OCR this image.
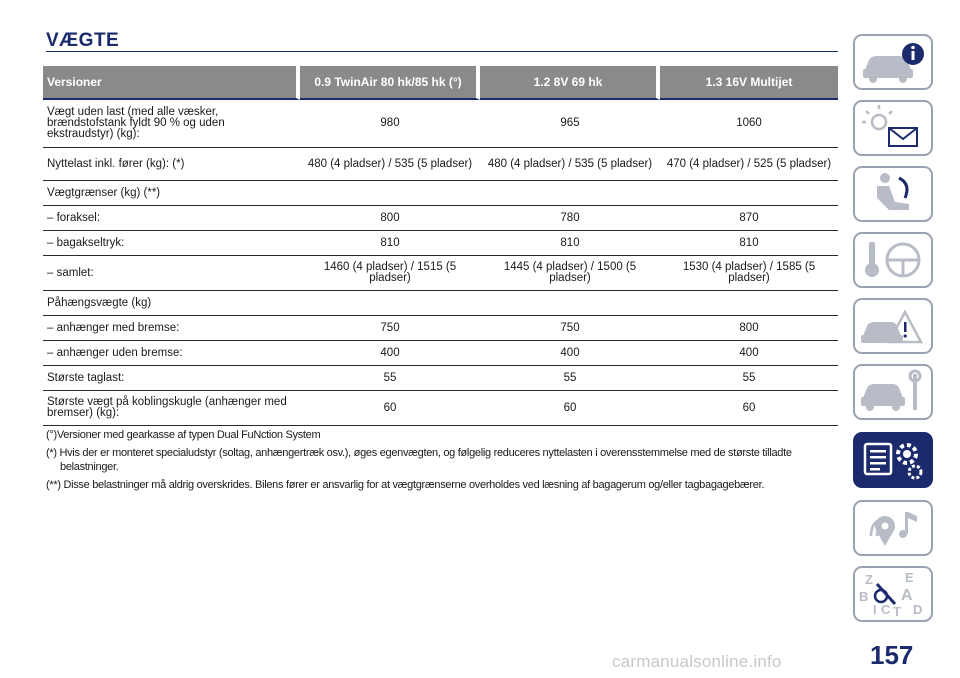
VÆGTE
Versioner	0.9 TwinAir 80 hk/85 hk (°)	1.2 8V 69 hk	1.3 16V Multijet
Vægt uden last (med alle væsker, brændstofstank fyldt 90 % og uden ekstraudstyr) (kg):	980	965	1060
Nyttelast inkl. fører (kg): (*)	480 (4 pladser) / 535 (5 pladser)	480 (4 pladser) / 535 (5 pladser)	470 (4 pladser) / 525 (5 pladser)
Vægtgrænser (kg) (**)			
– foraksel:	800	780	870
– bagakseltryk:	810	810	810
– samlet:	1460 (4 pladser) / 1515 (5 pladser)	1445 (4 pladser) / 1500 (5 pladser)	1530 (4 pladser) / 1585 (5 pladser)
Påhængsvægte (kg)			
– anhænger med bremse:	750	750	800
– anhænger uden bremse:	400	400	400
Største taglast:	55	55	55
Største vægt på koblingskugle (anhænger med bremser) (kg):	60	60	60

(°)Versioner med gearkasse af typen Dual FuNction System

(*) Hvis der er monteret specialudstyr (soltag, anhængertræk osv.), øges egenvægten, og følgelig reduceres nyttelasten i overensstemmelse med de største tilladte belastninger.

(**) Disse belastninger må aldrig overskrides. Bilens fører er ansvarlig for at vægtgrænserne overholdes ved læsning af bagagerum og/eller tagbagagebærer.

Z E
B A
I C T D
157
carmanualsonline.info
